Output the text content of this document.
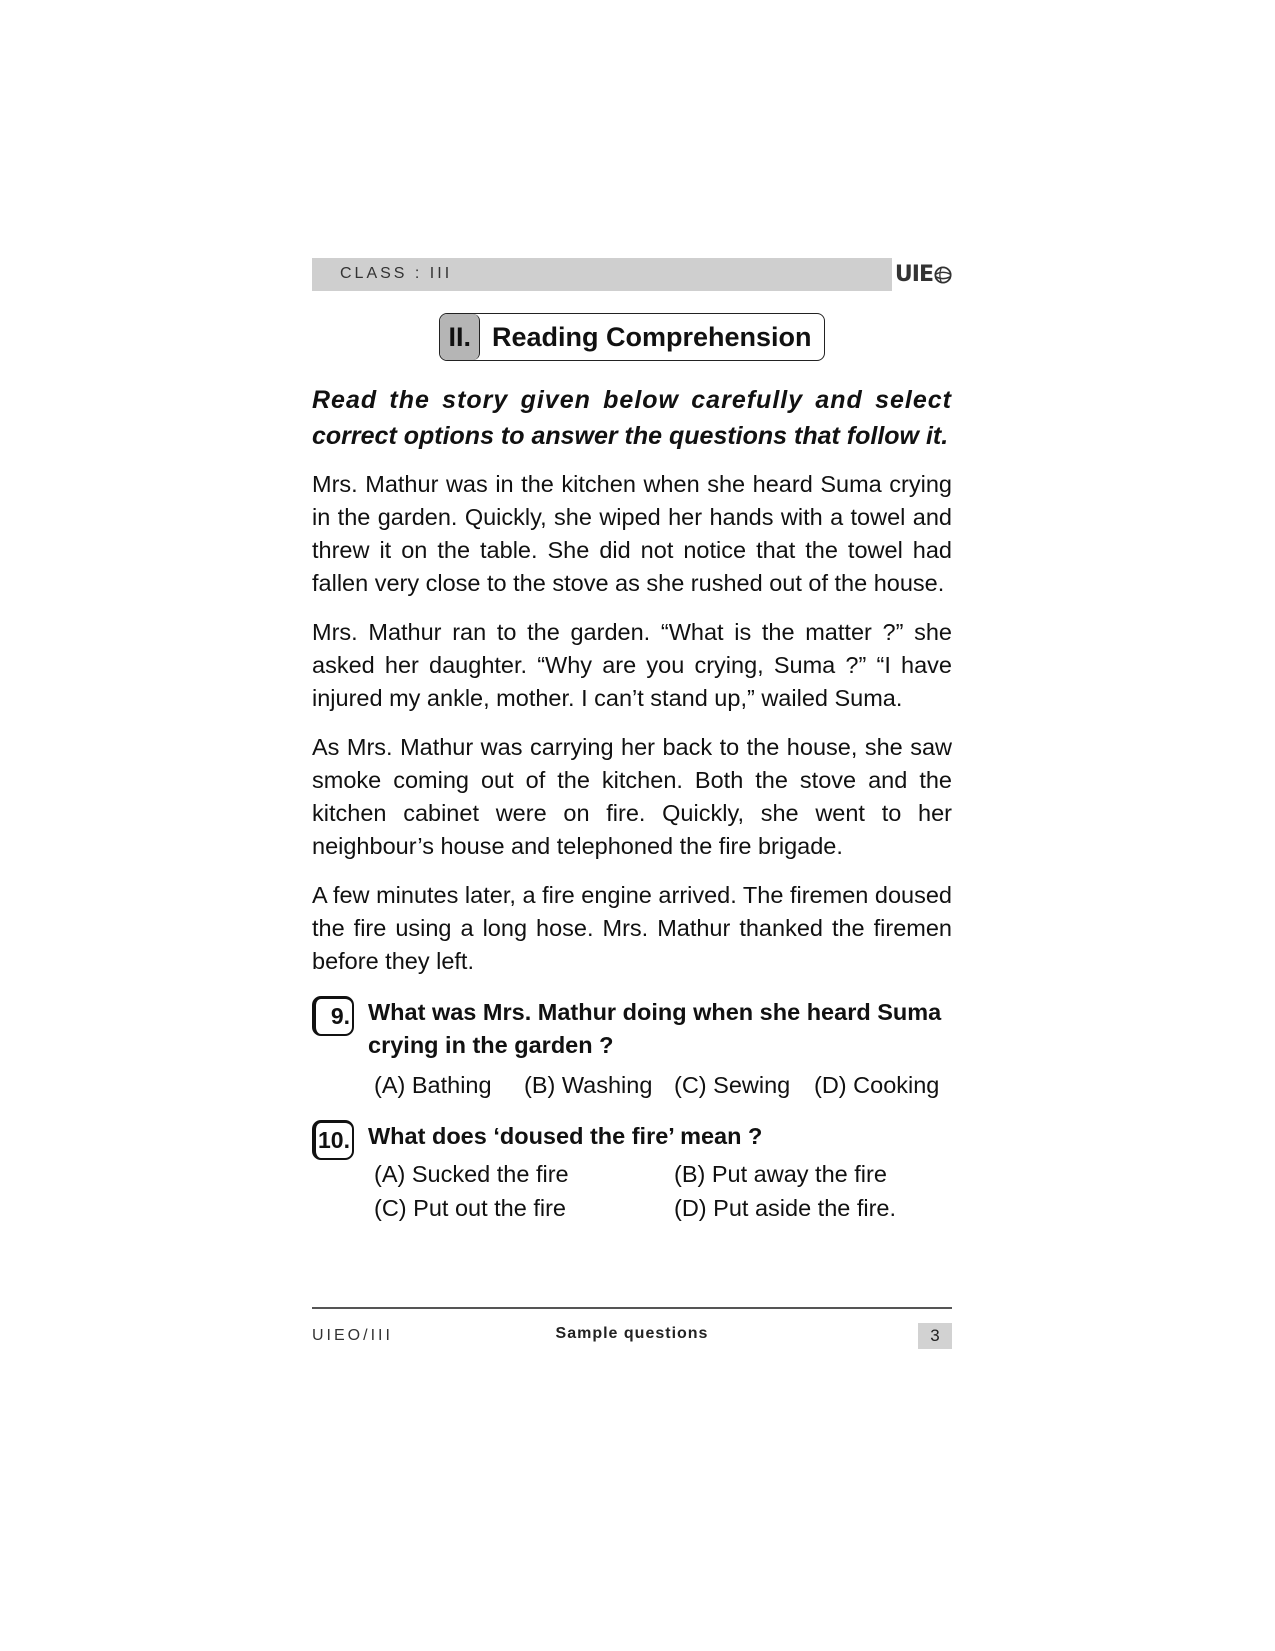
CLASS : III	UIE
II. Reading Comprehension
Read the story given below carefully and select
correct options to answer the questions that follow it.

Mrs. Mathur was in the kitchen when she heard Suma crying in the garden. Quickly, she wiped her hands with a towel and threw it on the table. She did not notice that the towel had fallen very close to the stove as she rushed out of the house.

Mrs. Mathur ran to the garden. “What is the matter ?” she asked her daughter. “Why are you crying, Suma ?” “I have injured my ankle, mother. I can’t stand up,” wailed Suma.

As Mrs. Mathur was carrying her back to the house, she saw smoke coming out of the kitchen. Both the stove and the kitchen cabinet were on fire. Quickly, she went to her neighbour’s house and telephoned the fire brigade.

A few minutes later, a fire engine arrived. The firemen doused the fire using a long hose. Mrs. Mathur thanked the firemen before they left.

9. What was Mrs. Mathur doing when she heard Suma crying in the garden ?
(A) Bathing	(B) Washing (C) Sewing	(D) Cooking
10. What does ‘doused the fire’ mean ?
(A) Sucked the fire	(B) Put away the fire
(C) Put out the fire	(D) Put aside the fire.
UIEO/III	Sample questions	3
